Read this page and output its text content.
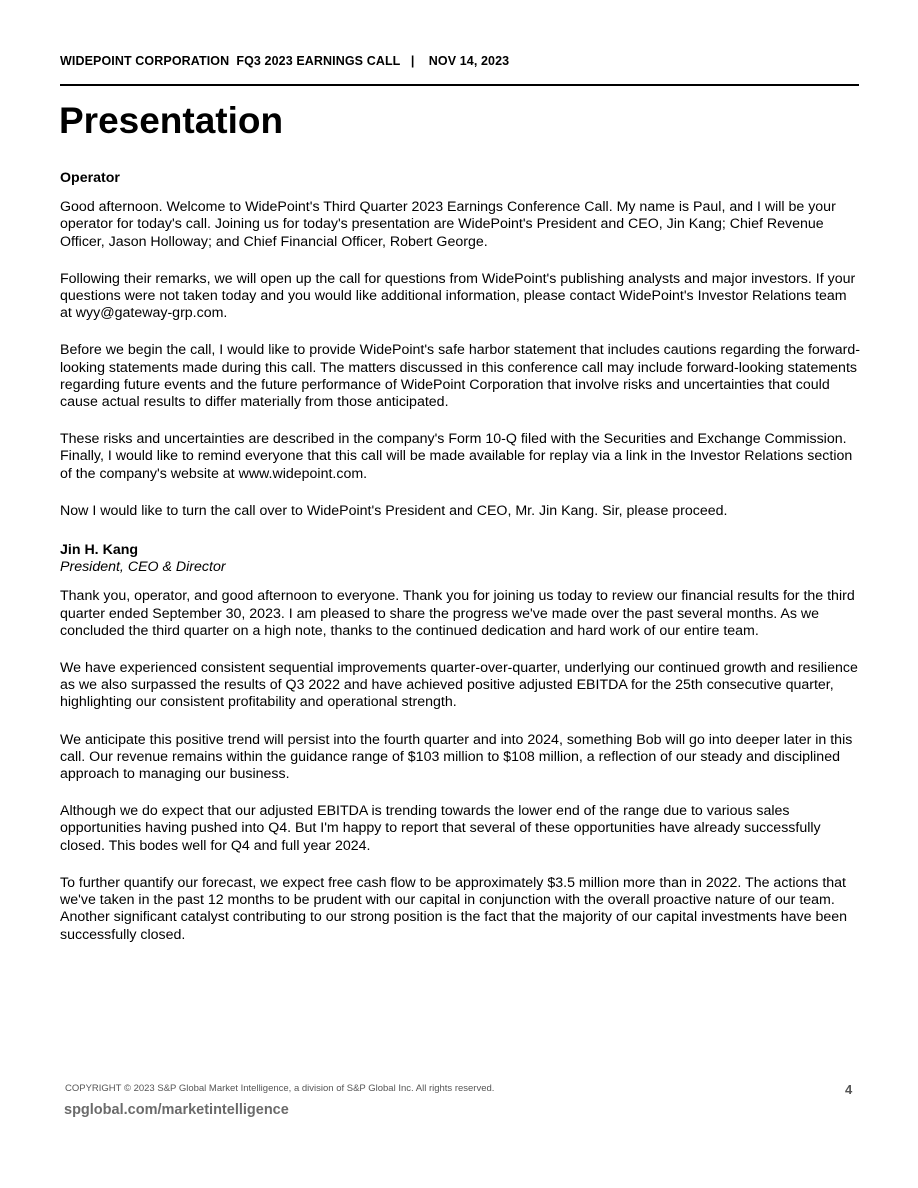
WIDEPOINT CORPORATION  FQ3 2023 EARNINGS CALL   |    NOV 14, 2023
Presentation

Operator

Good afternoon. Welcome to WidePoint's Third Quarter 2023 Earnings Conference Call. My name is Paul, and I will be your operator for today's call. Joining us for today's presentation are WidePoint's President and CEO, Jin Kang; Chief Revenue Officer, Jason Holloway; and Chief Financial Officer, Robert George.

Following their remarks, we will open up the call for questions from WidePoint's publishing analysts and major investors. If your questions were not taken today and you would like additional information, please contact WidePoint's Investor Relations team at wyy@gateway-grp.com.

Before we begin the call, I would like to provide WidePoint's safe harbor statement that includes cautions regarding the forward-looking statements made during this call. The matters discussed in this conference call may include forward-looking statements regarding future events and the future performance of WidePoint Corporation that involve risks and uncertainties that could cause actual results to differ materially from those anticipated.

These risks and uncertainties are described in the company's Form 10-Q filed with the Securities and Exchange Commission. Finally, I would like to remind everyone that this call will be made available for replay via a link in the Investor Relations section of the company's website at www.widepoint.com.

Now I would like to turn the call over to WidePoint's President and CEO, Mr. Jin Kang. Sir, please proceed.

Jin H. Kang

President, CEO & Director

Thank you, operator, and good afternoon to everyone. Thank you for joining us today to review our financial results for the third quarter ended September 30, 2023. I am pleased to share the progress we've made over the past several months. As we concluded the third quarter on a high note, thanks to the continued dedication and hard work of our entire team.

We have experienced consistent sequential improvements quarter-over-quarter, underlying our continued growth and resilience as we also surpassed the results of Q3 2022 and have achieved positive adjusted EBITDA for the 25th consecutive quarter, highlighting our consistent profitability and operational strength.

We anticipate this positive trend will persist into the fourth quarter and into 2024, something Bob will go into deeper later in this call. Our revenue remains within the guidance range of $103 million to $108 million, a reflection of our steady and disciplined approach to managing our business.

Although we do expect that our adjusted EBITDA is trending towards the lower end of the range due to various sales opportunities having pushed into Q4. But I'm happy to report that several of these opportunities have already successfully closed. This bodes well for Q4 and full year 2024.

To further quantify our forecast, we expect free cash flow to be approximately $3.5 million more than in 2022. The actions that we've taken in the past 12 months to be prudent with our capital in conjunction with the overall proactive nature of our team. Another significant catalyst contributing to our strong position is the fact that the majority of our capital investments have been successfully closed.

COPYRIGHT © 2023 S&P Global Market Intelligence, a division of S&P Global Inc. All rights reserved.	4
spglobal.com/marketintelligence
